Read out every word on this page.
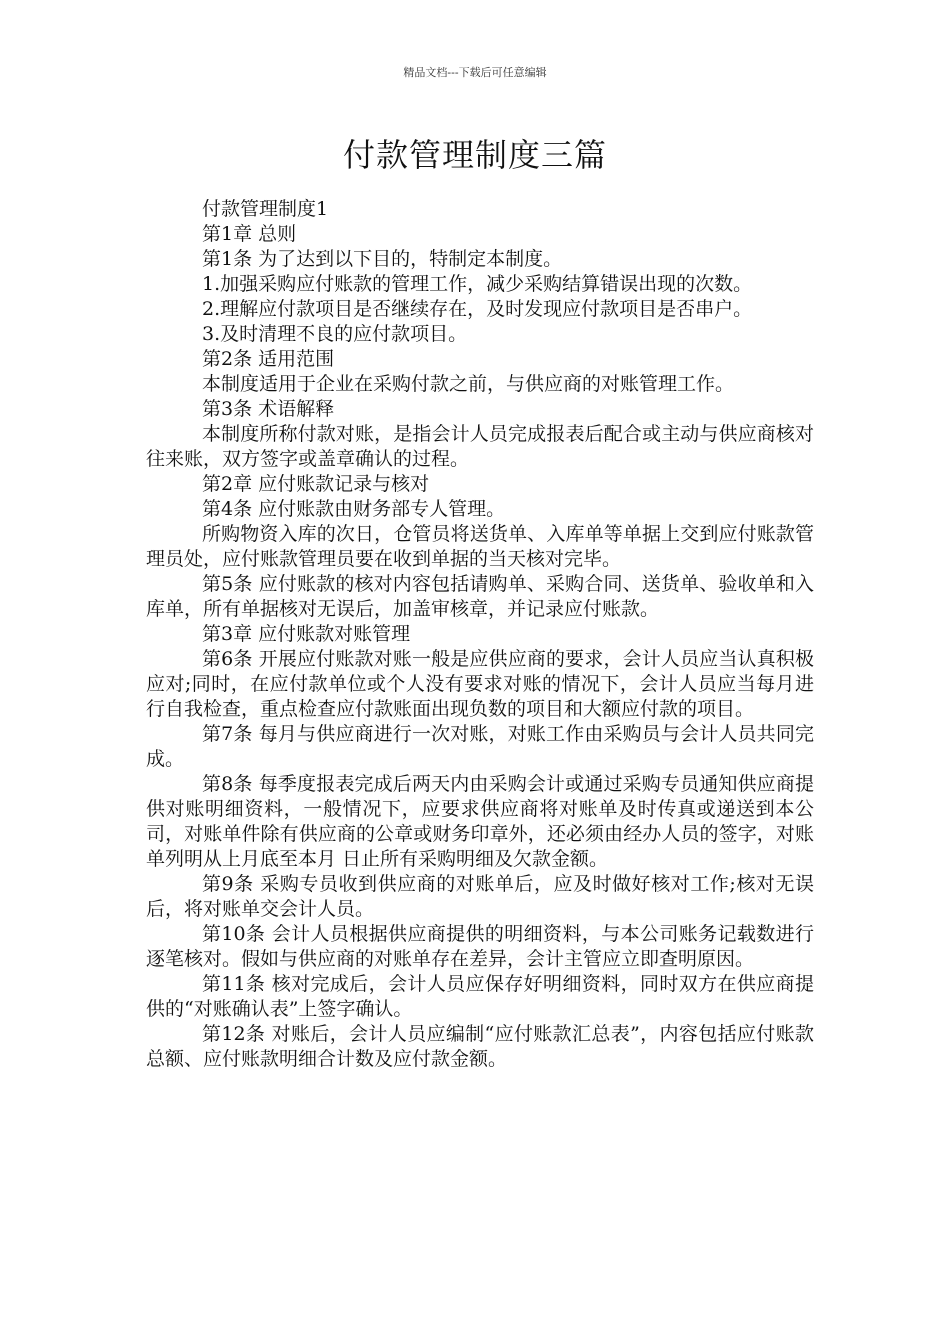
精品文档---下载后可任意编辑
付款管理制度三篇

付款管理制度1

第1章 总则

第1条 为了达到以下目的，特制定本制度。

1.加强采购应付账款的管理工作，减少采购结算错误出现的次数。

2.理解应付款项目是否继续存在，及时发现应付款项目是否串户。

3.及时清理不良的应付款项目。

第2条 适用范围

本制度适用于企业在采购付款之前，与供应商的对账管理工作。

第3条 术语解释

本制度所称付款对账，是指会计人员完成报表后配合或主动与供应商核对往来账，双方签字或盖章确认的过程。

第2章 应付账款记录与核对

第4条 应付账款由财务部专人管理。

所购物资入库的次日，仓管员将送货单、入库单等单据上交到应付账款管理员处，应付账款管理员要在收到单据的当天核对完毕。

第5条 应付账款的核对内容包括请购单、采购合同、送货单、验收单和入库单，所有单据核对无误后，加盖审核章，并记录应付账款。

第3章 应付账款对账管理

第6条 开展应付账款对账一般是应供应商的要求，会计人员应当认真积极应对;同时，在应付款单位或个人没有要求对账的情况下，会计人员应当每月进行自我检查，重点检查应付款账面出现负数的项目和大额应付款的项目。

第7条 每月与供应商进行一次对账，对账工作由采购员与会计人员共同完成。

第8条 每季度报表完成后两天内由采购会计或通过采购专员通知供应商提供对账明细资料，一般情况下，应要求供应商将对账单及时传真或递送到本公司，对账单件除有供应商的公章或财务印章外，还必须由经办人员的签字，对账单列明从上月底至本月 日止所有采购明细及欠款金额。

第9条 采购专员收到供应商的对账单后，应及时做好核对工作;核对无误后，将对账单交会计人员。

第10条 会计人员根据供应商提供的明细资料，与本公司账务记载数进行逐笔核对。假如与供应商的对账单存在差异，会计主管应立即查明原因。

第11条 核对完成后，会计人员应保存好明细资料，同时双方在供应商提供的“对账确认表”上签字确认。

第12条 对账后，会计人员应编制“应付账款汇总表”，内容包括应付账款总额、应付账款明细合计数及应付款金额。
